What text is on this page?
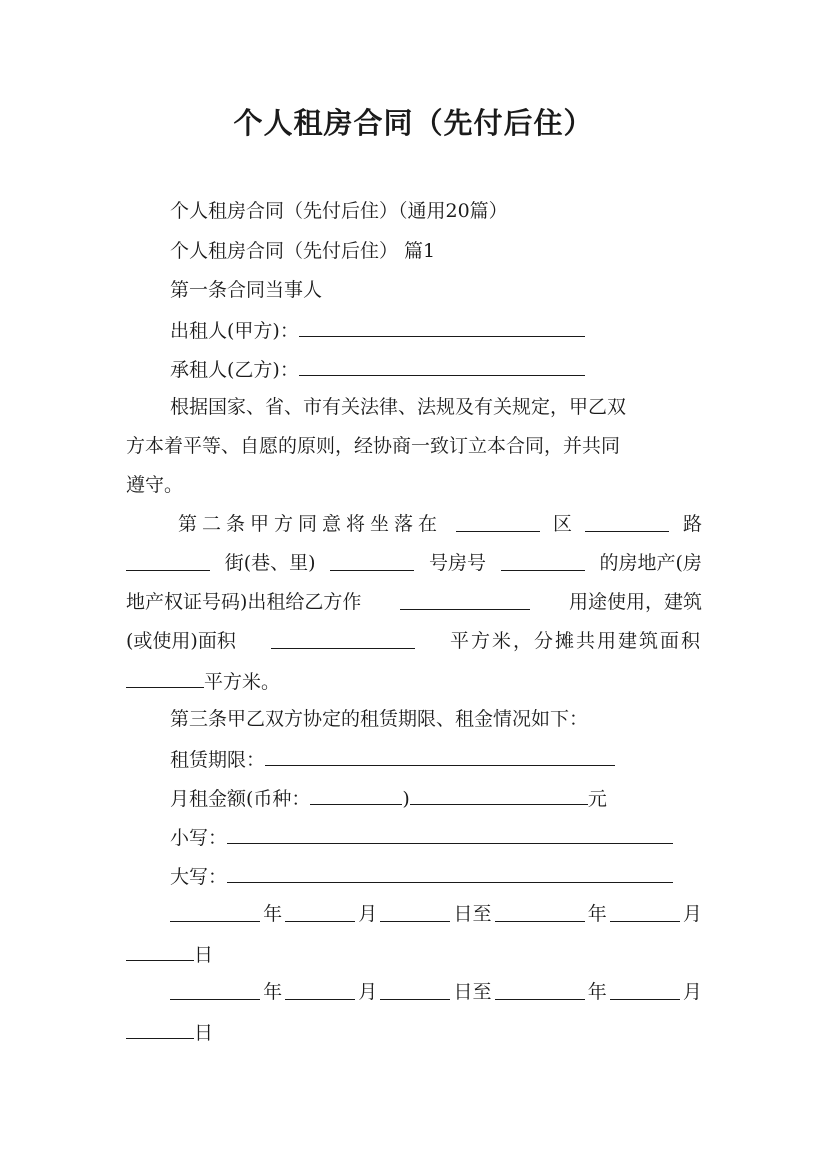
个人租房合同（先付后住）
个人租房合同（先付后住）（通用20篇）
个人租房合同（先付后住） 篇1
第一条合同当事人
出租人(甲方)：
承租人(乙方)：
根据国家、省、市有关法律、法规及有关规定，甲乙双
方本着平等、自愿的原则，经协商一致订立本合同，并共同
遵守。
第二条甲方同意将坐落在	区	路
街(巷、里)	号房号	的房地产(房
地产权证号码)出租给乙方作	用途使用，建筑
(或使用)面积	平方米，分摊共用建筑面积
平方米。
第三条甲乙双方协定的租赁期限、租金情况如下：
租赁期限：
月租金额(币种：	)	元
小写：
大写：
年	月	日至	年	月
日
年	月	日至	年	月
日
